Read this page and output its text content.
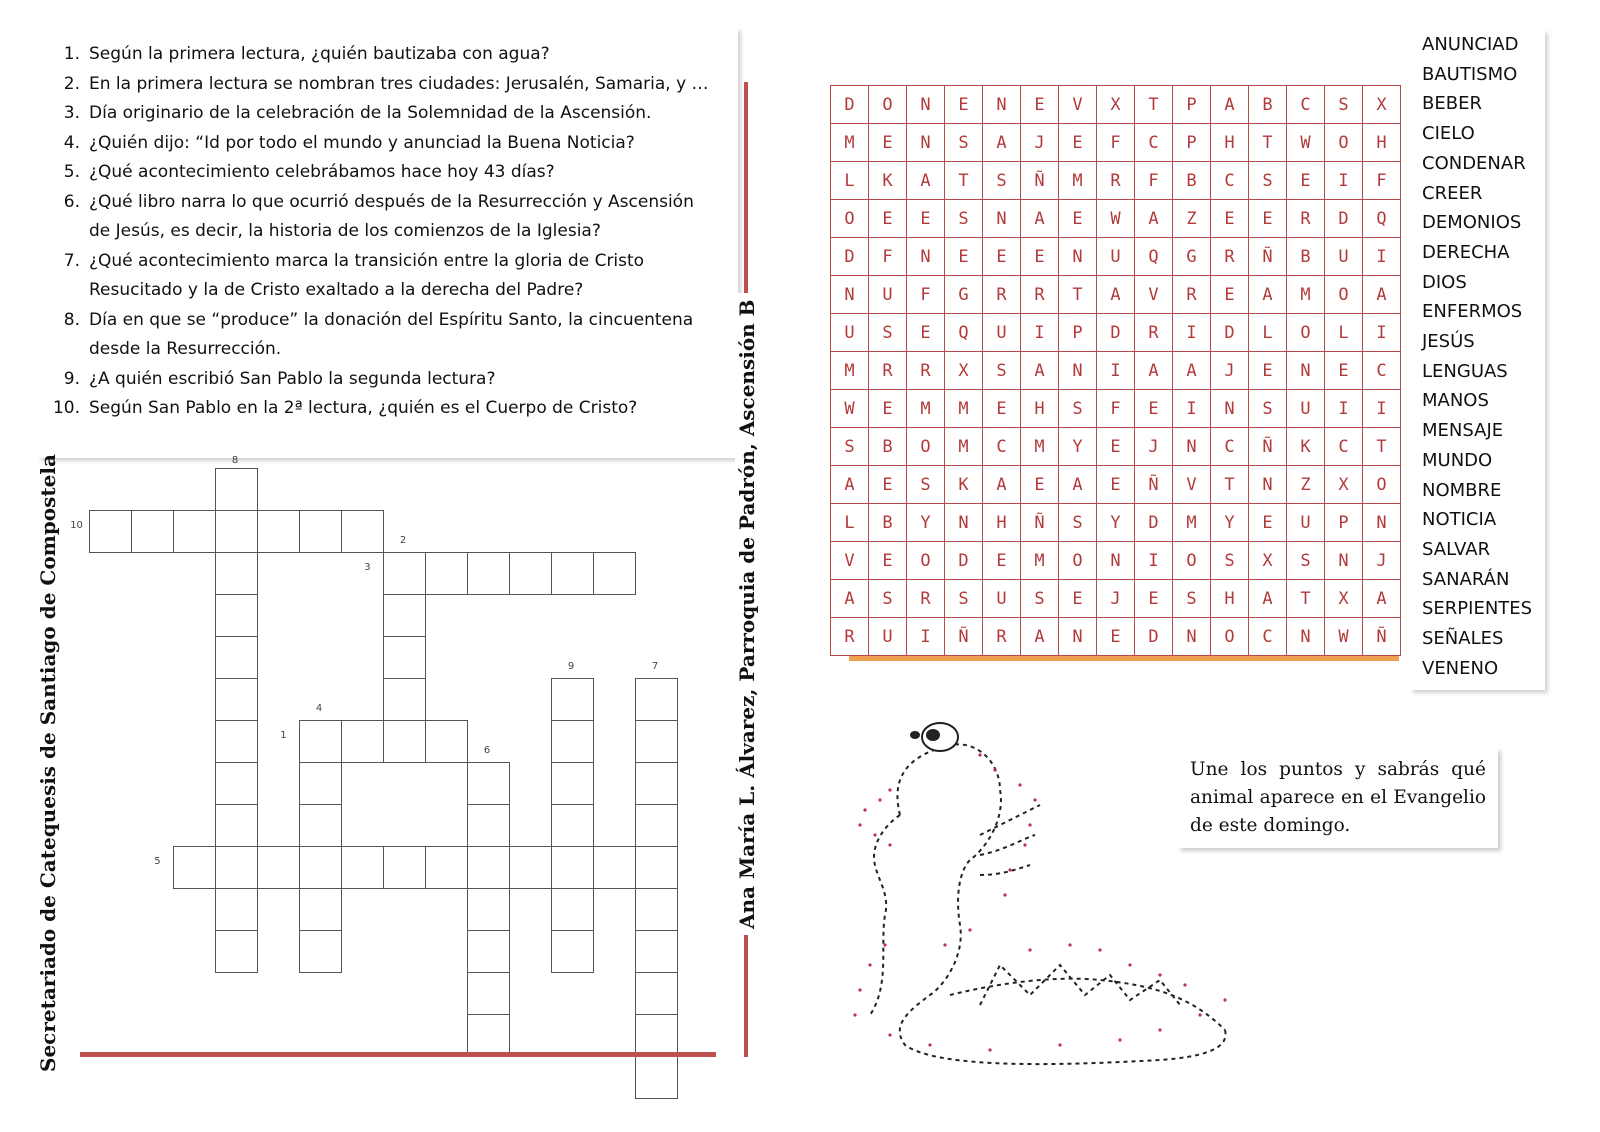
1. Según la primera lectura, ¿quién bautizaba con agua?
2. En la primera lectura se nombran tres ciudades: Jerusalén, Samaria, y …
3. Día originario de la celebración de la Solemnidad de la Ascensión.
4. ¿Quién dijo: “Id por todo el mundo y anunciad la Buena Noticia?
5. ¿Qué acontecimiento celebrábamos hace hoy 43 días?
6. ¿Qué libro narra lo que ocurrió después de la Resurrección y Ascensión de Jesús, es decir, la historia de los comienzos de la Iglesia?
7. ¿Qué acontecimiento marca la transición entre la gloria de Cristo Resucitado y la de Cristo exaltado a la derecha del Padre?
8. Día en que se “produce” la donación del Espíritu Santo, la cincuentena desde la Resurrección.
9. ¿A quién escribió San Pablo la segunda lectura?
10. Según San Pablo en la 2ª lectura, ¿quién es el Cuerpo de Cristo?
Secretariado de Catequesis de Santiago de Compostela 10
8
2
3
9	7
4
1
6
5	Ana María L. Álvarez, Parroquia de Padrón, Ascensión B
D	O	N	E	N	E	V	X	T	P	A	B	C	S	X
M	E	N	S	A	J	E	F	C	P	H	T	W	O	H
L	K	A	T	S	Ñ	M	R	F	B	C	S	E	I	F
O	E	E	S	N	A	E	W	A	Z	E	E	R	D	Q
D	F	N	E	E	E	N	U	Q	G	R	Ñ	B	U	I
N	U	F	G	R	R	T	A	V	R	E	A	M	O	A
U	S	E	Q	U	I	P	D	R	I	D	L	O	L	I
M	R	R	X	S	A	N	I	A	A	J	E	N	E	C
W	E	M	M	E	H	S	F	E	I	N	S	U	I	I
S	B	O	M	C	M	Y	E	J	N	C	Ñ	K	C	T
A	E	S	K	A	E	A	E	Ñ	V	T	N	Z	X	O
L	B	Y	N	H	Ñ	S	Y	D	M	Y	E	U	P	N
V	E	O	D	E	M	O	N	I	O	S	X	S	N	J
A	S	R	S	U	S	E	J	E	S	H	A	T	X	A
R	U	I	Ñ	R	A	N	E	D	N	O	C	N	W	Ñ
ANUNCIAD
BAUTISMO
BEBER
CIELO
CONDENAR
CREER
DEMONIOS
DERECHA
DIOS
ENFERMOS
JESÚS
LENGUAS
MANOS
MENSAJE
MUNDO
NOMBRE
NOTICIA
SALVAR
SANARÁN
SERPIENTES
SEÑALES
VENENO
Une los puntos y sabrás qué animal aparece en el Evangelio de este domingo.
